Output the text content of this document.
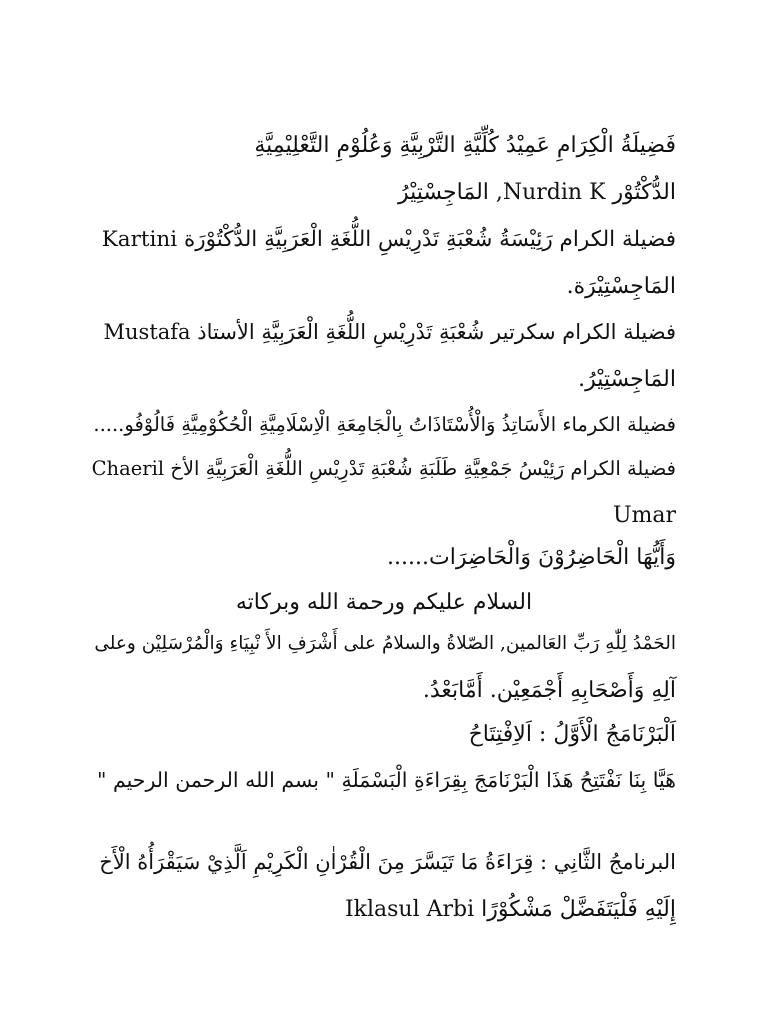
فَضِيلَةُ الْكِرَامِ عَمِيْدُ كُلِّيَّةِ التَّرْبِيَّةِ وَعُلُوْمِ التَّعْلِيْمِيَّةِ
الدُّكْتُوْر Nurdin K, المَاجِسْتِيْرُ
فضيلة الكرام رَئِيْسَةُ شُعْبَةِ تَدْرِيْسِ اللُّغَةِ الْعَرَبِيَّةِ الدُّكْتُوْرَة Kartini
المَاجِسْتِيْرَة.
فضيلة الكرام سكرتير شُعْبَةِ تَدْرِيْسِ اللُّغَةِ الْعَرَبِيَّةِ الأستاذ Mustafa
المَاجِسْتِيْرُ.
فضيلة الكرماء الأَسَاتِذُ وَالْأُسْتَاذَاتُ بِالْجَامِعَةِ الْاِسْلَامِيَّةِ الْحُكُوْمِيَّةِ فَالُوْفُو.....
فضيلة الكرام رَئِيْسُ جَمْعِيَّةِ طَلَبَةِ شُعْبَةِ تَدْرِيْسِ اللُّغَةِ الْعَرَبِيَّةِ الأخ Chaeril
Umar
وَأَيُّهَا الْحَاضِرُوْنَ وَالْحَاضِرَات......
السلام عليكم ورحمة الله وبركاته
الحَمْدُ لِلّٰهِ رَبِّ العَالمين, الصّلاةُ والسلامُ على أَشْرَفِ الأَ نْبِيَاءِ وَالْمُرْسَلِيْن وعلى
آلِهِ وَأَصْحَابِهِ أَجْمَعِيْن. أَمَّابَعْدُ.
اَلْبَرْنَامَجُ الْأَوَّلُ : اَلاِفْتِتَاحُ
هَيَّا بِنَا نَفْتَتِحُ هَذَا الْبَرْنَامَجَ بِقِرَاءَةِ الْبَسْمَلَةِ " بسم الله الرحمن الرحيم "
البرنامجُ الثَّانِي : قِرَاءَةُ مَا تَيَسَّرَ مِنَ الْقُرْاٰنِ الْكَرِيْمِ اَلَّذِيْ سَيَقْرَأُهُ الْأَخ
إِلَيْهِ فَلْيَتَفَضَّلْ مَشْكُوْرًا Iklasul Arbi
